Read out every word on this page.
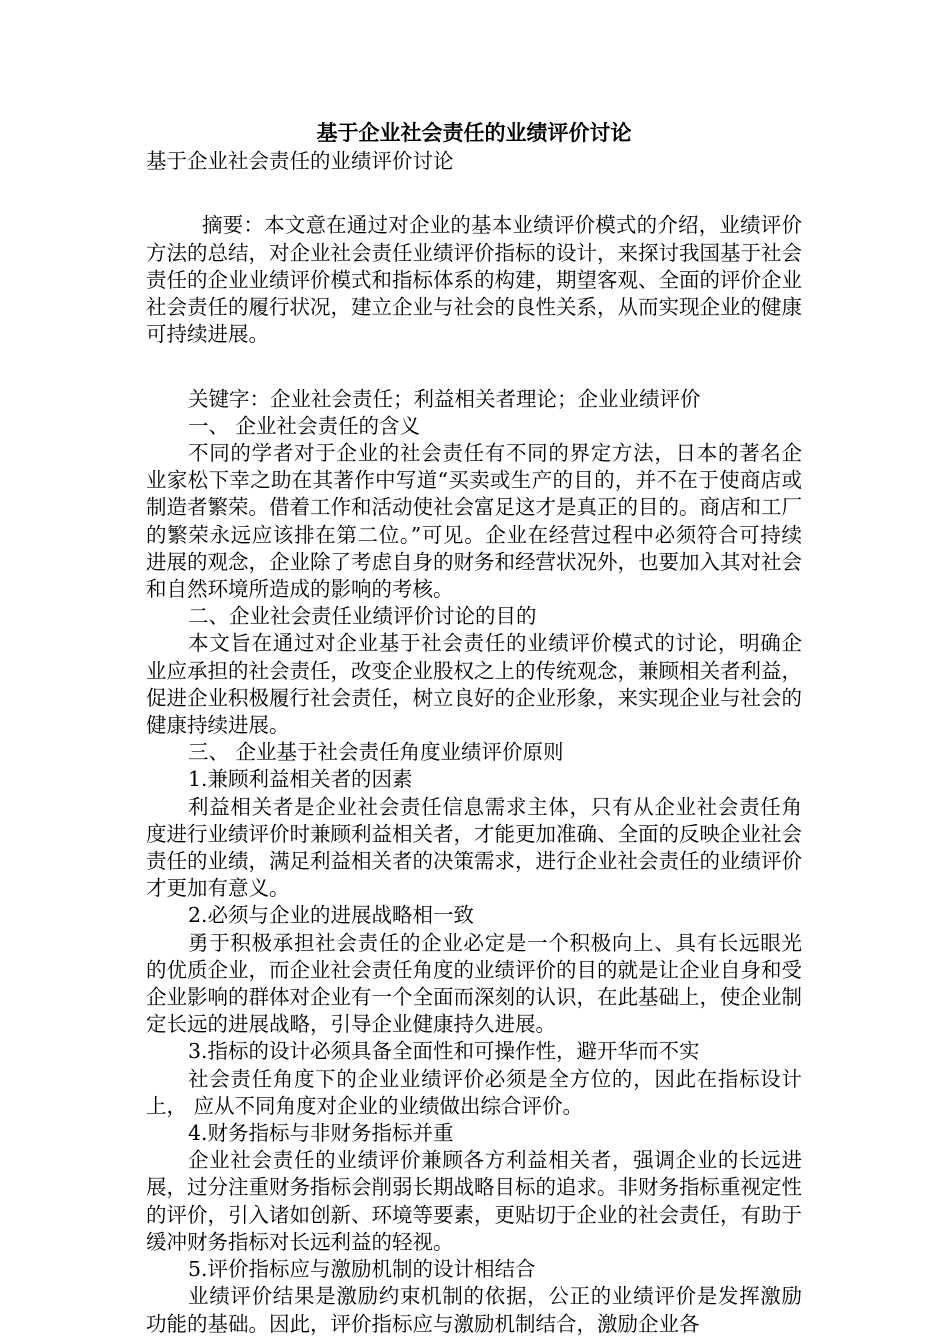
基于企业社会责任的业绩评价讨论

基于企业社会责任的业绩评价讨论

摘要：本文意在通过对企业的基本业绩评价模式的介绍，业绩评价方法的总结，对企业社会责任业绩评价指标的设计，来探讨我国基于社会责任的企业业绩评价模式和指标体系的构建，期望客观、全面的评价企业社会责任的履行状况，建立企业与社会的良性关系，从而实现企业的健康可持续进展。

关键字：企业社会责任；利益相关者理论；企业业绩评价

一、 企业社会责任的含义

不同的学者对于企业的社会责任有不同的界定方法，日本的著名企业家松下幸之助在其著作中写道“买卖或生产的目的，并不在于使商店或制造者繁荣。借着工作和活动使社会富足这才是真正的目的。商店和工厂的繁荣永远应该排在第二位。”可见。企业在经营过程中必须符合可持续进展的观念，企业除了考虑自身的财务和经营状况外，也要加入其对社会和自然环境所造成的影响的考核。

二、企业社会责任业绩评价讨论的目的

本文旨在通过对企业基于社会责任的业绩评价模式的讨论，明确企业应承担的社会责任，改变企业股权之上的传统观念，兼顾相关者利益，促进企业积极履行社会责任，树立良好的企业形象，来实现企业与社会的健康持续进展。

三、 企业基于社会责任角度业绩评价原则

1.兼顾利益相关者的因素

利益相关者是企业社会责任信息需求主体，只有从企业社会责任角度进行业绩评价时兼顾利益相关者，才能更加准确、全面的反映企业社会责任的业绩，满足利益相关者的决策需求，进行企业社会责任的业绩评价才更加有意义。

2.必须与企业的进展战略相一致

勇于积极承担社会责任的企业必定是一个积极向上、具有长远眼光的优质企业，而企业社会责任角度的业绩评价的目的就是让企业自身和受企业影响的群体对企业有一个全面而深刻的认识，在此基础上，使企业制定长远的进展战略，引导企业健康持久进展。

3.指标的设计必须具备全面性和可操作性，避开华而不实

社会责任角度下的企业业绩评价必须是全方位的，因此在指标设计上， 应从不同角度对企业的业绩做出综合评价。

4.财务指标与非财务指标并重

企业社会责任的业绩评价兼顾各方利益相关者，强调企业的长远进展，过分注重财务指标会削弱长期战略目标的追求。非财务指标重视定性的评价，引入诸如创新、环境等要素，更贴切于企业的社会责任，有助于缓冲财务指标对长远利益的轻视。

5.评价指标应与激励机制的设计相结合

业绩评价结果是激励约束机制的依据，公正的业绩评价是发挥激励功能的基础。因此，评价指标应与激励机制结合，激励企业各
